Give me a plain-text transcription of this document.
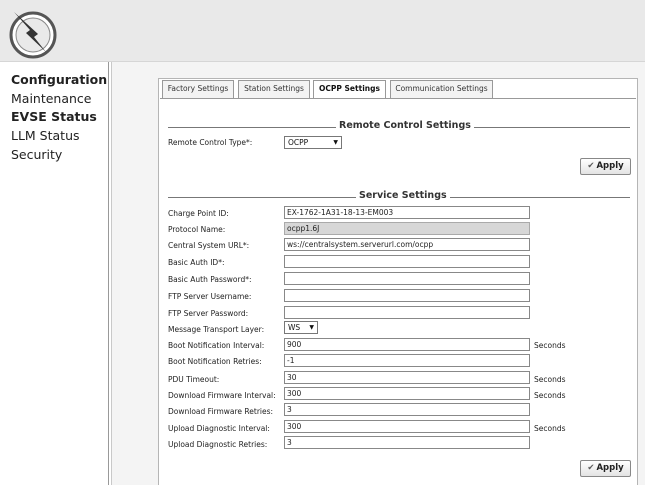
Configuration
Maintenance
EVSE Status
LLM Status
Security
Factory Settings	Station Settings	OCPP Settings	Communication Settings
Remote Control Settings
Remote Control Type*:	OCPP	▼
✔ Apply
Service Settings
Charge Point ID:
EX-1762-1A31-18-13-EM003
Protocol Name:
ocpp1.6J
Central System URL*:
ws://centralsystem.serverurl.com/ocpp
Basic Auth ID*:
Basic Auth Password*:
FTP Server Username:
FTP Server Password:
Message Transport Layer:	WS ▼
Boot Notification Interval:
900	Seconds
Boot Notification Retries:
-1
PDU Timeout:
30	Seconds
Download Firmware Interval:
300	Seconds
Download Firmware Retries:
3
Upload Diagnostic Interval:
300	Seconds
Upload Diagnostic Retries:
3
✔ Apply
